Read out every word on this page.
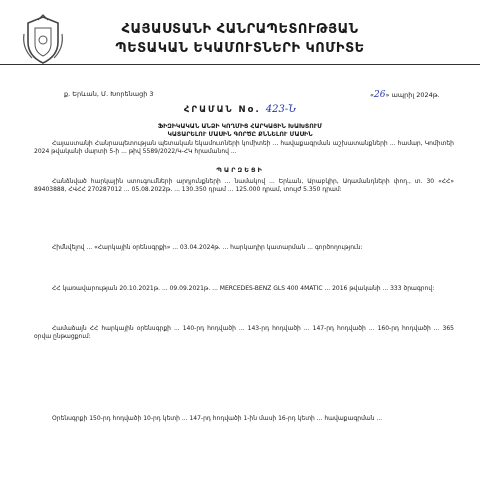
ՀԱՅԱՍՏԱՆԻ ՀԱՆՐԱՊԵՏՈՒԹՅԱՆ
ՊԵՏԱԿԱՆ ԵԿԱՄՈՒՏՆԵՐԻ ԿՈՄԻՏԵ
ք. Երևան, Մ. Խորենացի 3	«26» ապրիլ 2024թ.
ՀՐԱՄԱՆ No. 423-Ն
ՖԻԶԻԿԱԿԱՆ ԱՆՁԻ ԿՈՂՄԻՑ ՀԱՐԿԱՅԻՆ ԽԱԽՏՈՒՄ
ԿԱՏԱՐԵԼՈՒ ՄԱՍԻՆ ԳՈՐԾԸ ՔՆՆԵԼՈՒ ՄԱՍԻՆ

Հայաստանի Հանրապետության պետական եկամուտների կոմիտեի ... հավաքագրման աշխատանքների ... համար, Կոմիտեի 2024 թվականի մարտի 5-ի ... թիվ 5589/2022/Կ-ՀԿ հրամանով ...

ՊԱՐԶԵՑԻ

Հանձնված հարկային ստուգումների արդյունքների ... նամակով ... Երևան, Արաբկիր, Ադամանդների փող., տ. 30 «ՀՀ» 89403888, ՀՎՀՀ 270287012 ... 05.08.2022թ. ... 130.350 դրամ ... 125.000 դրամ, տույժ 5.350 դրամ:

Հիմնվելով ... «Հարկային օրենսգրքի» ... 03.04.2024թ. ... հարկադիր կատարման ... գործողություն:

ՀՀ կառավարության 20.10.2021թ. ... 09.09.2021թ. ... MERCEDES-BENZ GLS 400 4MATIC ... 2016 թվականի ... 333 ծրագրով:

Համաձայն ՀՀ հարկային օրենսգրքի ... 140-րդ հոդվածի ... 143-րդ հոդվածի ... 147-րդ հոդվածի ... 160-րդ հոդվածի ... 365 օրվա ընթացքում:

Օրենսգրքի 150-րդ հոդվածի 10-րդ կետի ... 147-րդ հոդվածի 1-ին մասի 16-րդ կետի ... հավաքագրման ...
